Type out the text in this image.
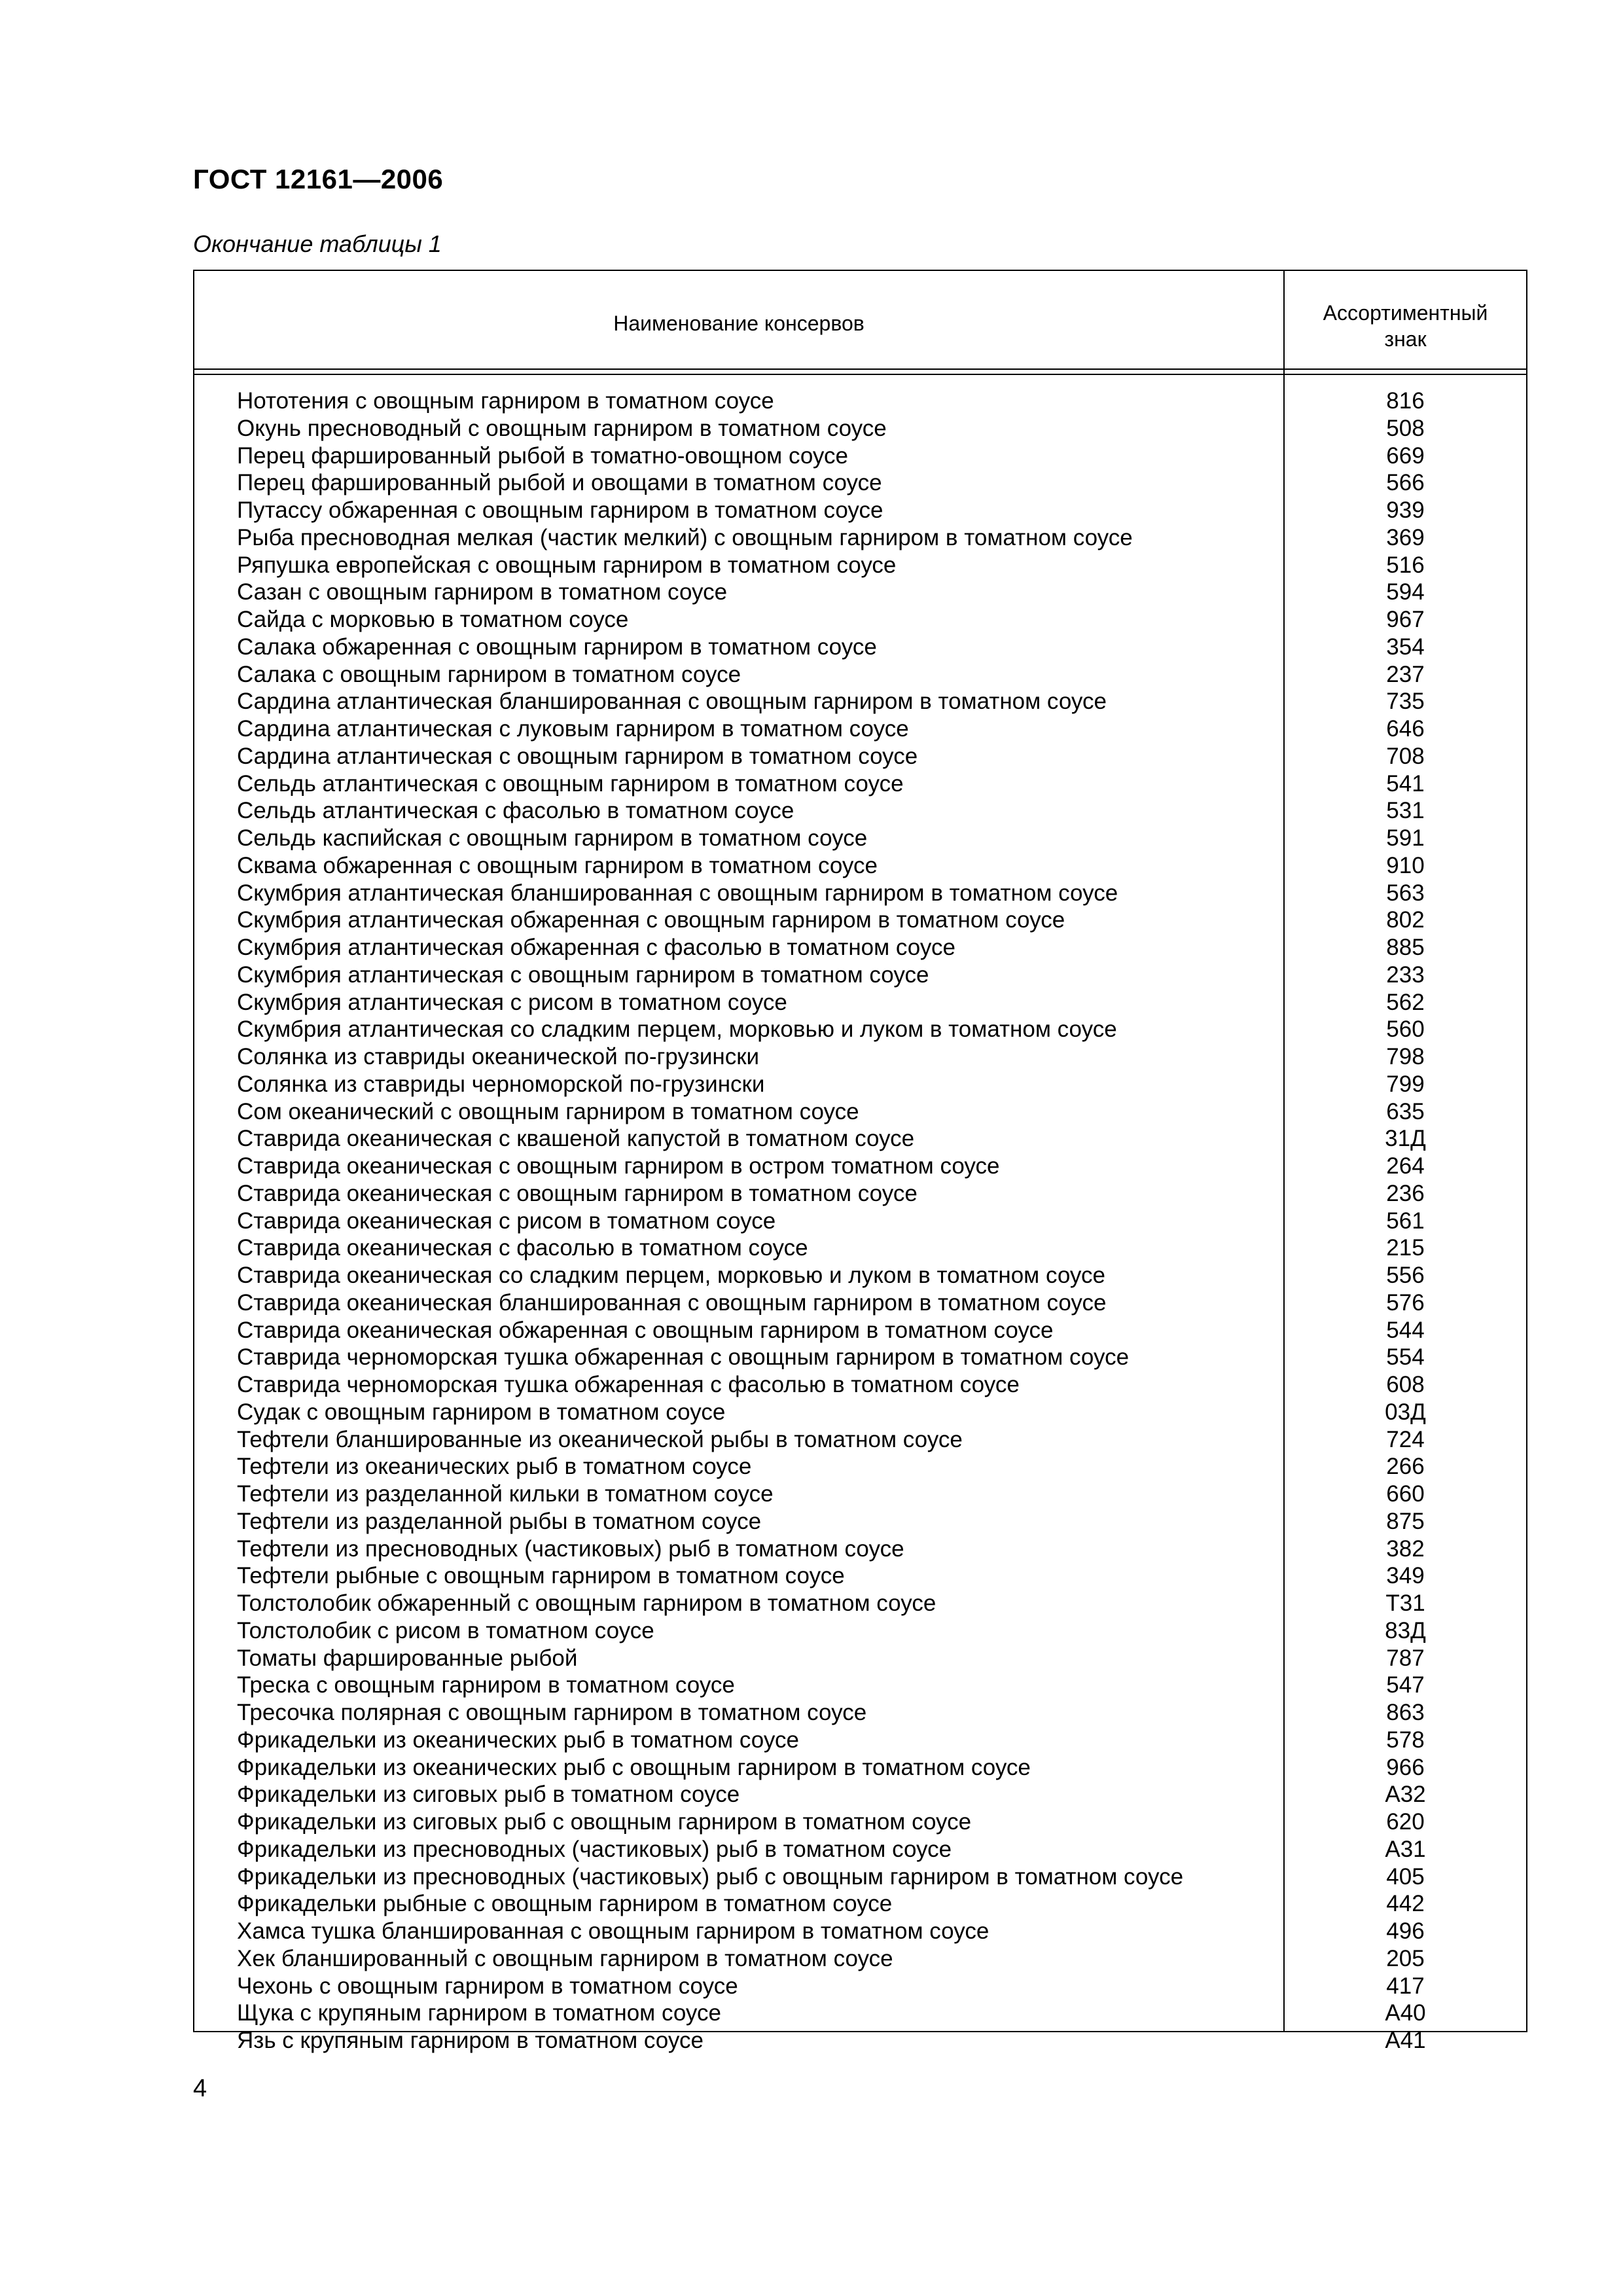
ГОСТ 12161—2006
Окончание таблицы 1
Наименование консервов	Ассортиментный
знак
Нототения с овощным гарниром в томатном соусе	816
Окунь пресноводный с овощным гарниром в томатном соусе	508
Перец фаршированный рыбой в томатно-овощном соусе	669
Перец фаршированный рыбой и овощами в томатном соусе	566
Путассу обжаренная с овощным гарниром в томатном соусе	939
Рыба пресноводная мелкая (частик мелкий) с овощным гарниром в томатном соусе	369
Ряпушка европейская с овощным гарниром в томатном соусе	516
Сазан с овощным гарниром в томатном соусе	594
Сайда с морковью в томатном соусе	967
Салака обжаренная с овощным гарниром в томатном соусе	354
Салака с овощным гарниром в томатном соусе	237
Сардина атлантическая бланшированная с овощным гарниром в томатном соусе	735
Сардина атлантическая с луковым гарниром в томатном соусе	646
Сардина атлантическая с овощным гарниром в томатном соусе	708
Сельдь атлантическая с овощным гарниром в томатном соусе	541
Сельдь атлантическая с фасолью в томатном соусе	531
Сельдь каспийская с овощным гарниром в томатном соусе	591
Сквама обжаренная с овощным гарниром в томатном соусе	910
Скумбрия атлантическая бланшированная с овощным гарниром в томатном соусе	563
Скумбрия атлантическая обжаренная с овощным гарниром в томатном соусе	802
Скумбрия атлантическая обжаренная с фасолью в томатном соусе	885
Скумбрия атлантическая с овощным гарниром в томатном соусе	233
Скумбрия атлантическая с рисом в томатном соусе	562
Скумбрия атлантическая со сладким перцем, морковью и луком в томатном соусе	560
Солянка из ставриды океанической по-грузински	798
Солянка из ставриды черноморской по-грузински	799
Сом океанический с овощным гарниром в томатном соусе	635
Ставрида океаническая с квашеной капустой в томатном соусе	31Д
Ставрида океаническая с овощным гарниром в остром томатном соусе	264
Ставрида океаническая с овощным гарниром в томатном соусе	236
Ставрида океаническая с рисом в томатном соусе	561
Ставрида океаническая с фасолью в томатном соусе	215
Ставрида океаническая со сладким перцем, морковью и луком в томатном соусе	556
Ставрида океаническая бланшированная с овощным гарниром в томатном соусе	576
Ставрида океаническая обжаренная с овощным гарниром в томатном соусе	544
Ставрида черноморская тушка обжаренная с овощным гарниром в томатном соусе	554
Ставрида черноморская тушка обжаренная с фасолью в томатном соусе	608
Судак с овощным гарниром в томатном соусе	03Д
Тефтели бланшированные из океанической рыбы в томатном соусе	724
Тефтели из океанических рыб в томатном соусе	266
Тефтели из разделанной кильки в томатном соусе	660
Тефтели из разделанной рыбы в томатном соусе	875
Тефтели из пресноводных (частиковых) рыб в томатном соусе	382
Тефтели рыбные с овощным гарниром в томатном соусе	349
Толстолобик обжаренный с овощным гарниром в томатном соусе	Т31
Толстолобик с рисом в томатном соусе	83Д
Томаты фаршированные рыбой	787
Треска с овощным гарниром в томатном соусе	547
Тресочка полярная с овощным гарниром в томатном соусе	863
Фрикадельки из океанических рыб в томатном соусе	578
Фрикадельки из океанических рыб с овощным гарниром в томатном соусе	966
Фрикадельки из сиговых рыб в томатном соусе	А32
Фрикадельки из сиговых рыб с овощным гарниром в томатном соусе	620
Фрикадельки из пресноводных (частиковых) рыб в томатном соусе	А31
Фрикадельки из пресноводных (частиковых) рыб с овощным гарниром в томатном соусе	405
Фрикадельки рыбные с овощным гарниром в томатном соусе	442
Хамса тушка бланшированная с овощным гарниром в томатном соусе	496
Хек бланшированный с овощным гарниром в томатном соусе	205
Чехонь с овощным гарниром в томатном соусе	417
Щука с крупяным гарниром в томатном соусе	А40
Язь с крупяным гарниром в томатном соусе	А41
4
